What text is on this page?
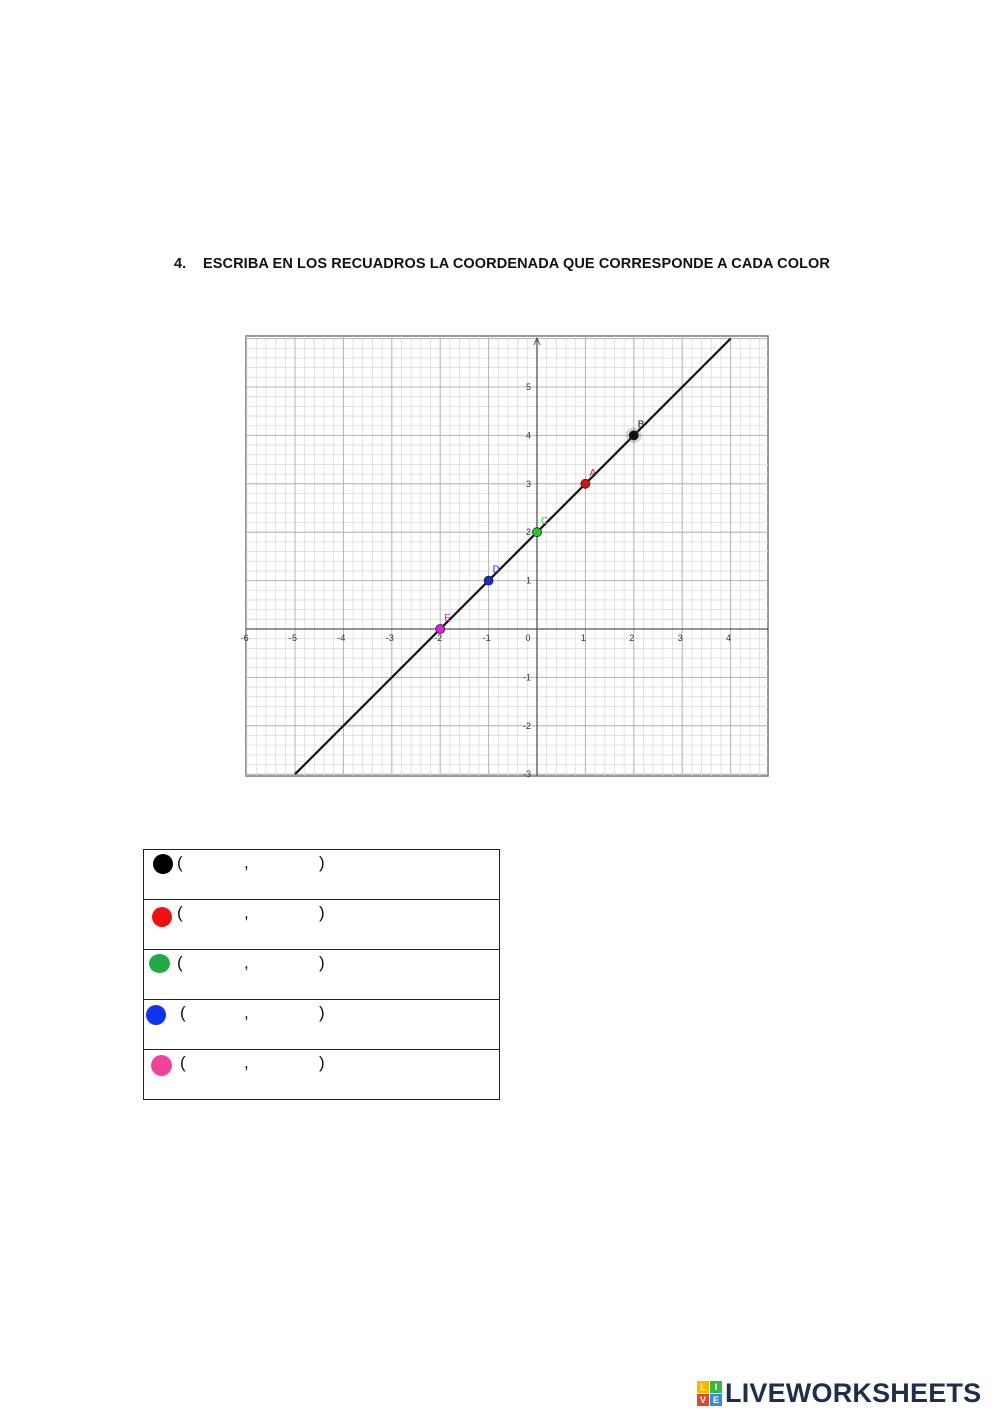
4. ESCRIBA EN LOS RECUADROS LA COORDENADA QUE CORRESPONDE A CADA COLOR
-6	-5	-4	-3	-2	-1	0	1	2	3	4
5
4
3
2
1
-1
-2
-3
B
A
C
D
E
(	,	)
(	,	)
(	,	)
(	,	)
(	,	)
L I
V E LIVEWORKSHEETS
